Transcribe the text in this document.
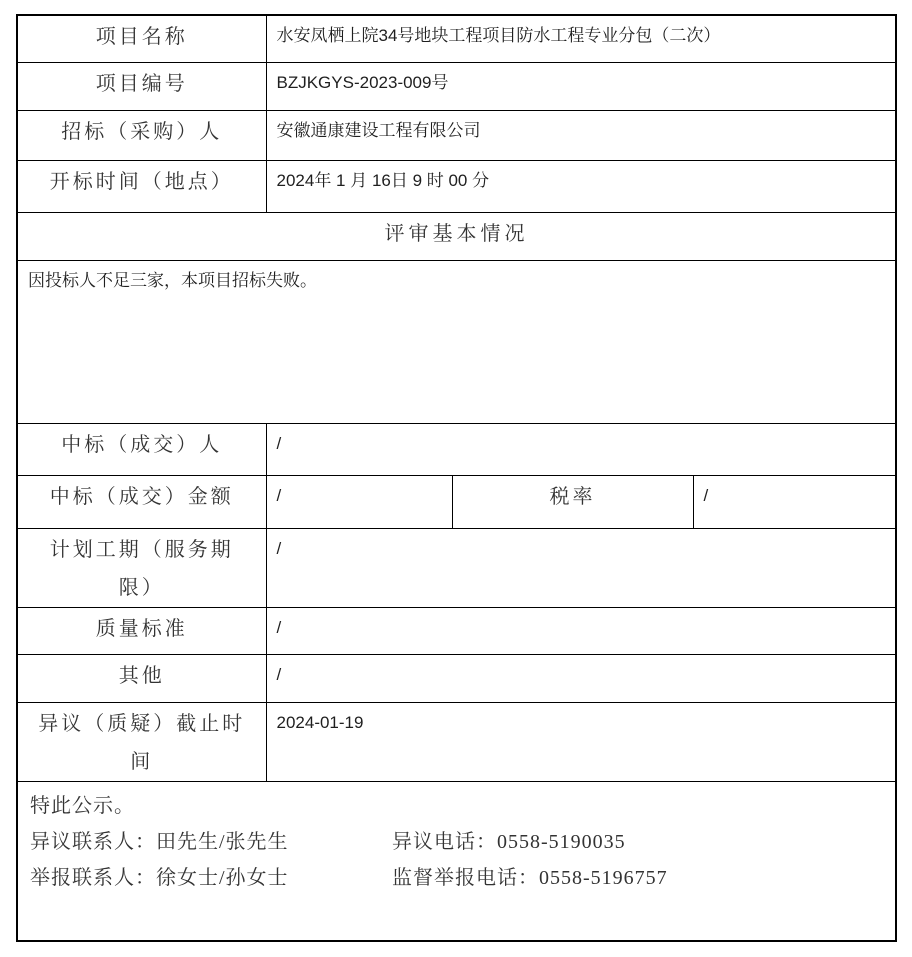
项目名称	水安凤栖上院34号地块工程项目防水工程专业分包（二次）		
项目编号	BZJKGYS-2023-009号		
招标（采购）人	安徽通康建设工程有限公司		
开标时间（地点）	2024年 1 月 16日 9 时 00 分		
评审基本情况			
因投标人不足三家，本项目招标失败。			
中标（成交）人	/		
中标（成交）金额	/	税率	/
计划工期（服务期限）	/		
质量标准	/		
其他	/		
异议（质疑）截止时间	2024-01-19		

特此公示。
异议联系人：田先生/张先生 异议电话：0558-5190035
举报联系人：徐女士/孙女士 监督举报电话：0558-5196757			
